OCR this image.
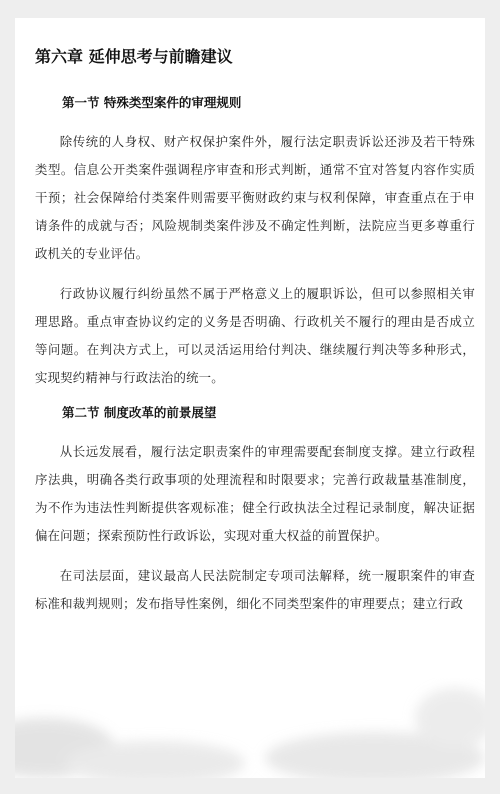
第六章 延伸思考与前瞻建议
第一节 特殊类型案件的审理规则

除传统的人身权、财产权保护案件外，履行法定职责诉讼还涉及若干特殊类型。信息公开类案件强调程序审查和形式判断，通常不宜对答复内容作实质干预；社会保障给付类案件则需要平衡财政约束与权利保障，审查重点在于申请条件的成就与否；风险规制类案件涉及不确定性判断，法院应当更多尊重行政机关的专业评估。

行政协议履行纠纷虽然不属于严格意义上的履职诉讼，但可以参照相关审理思路。重点审查协议约定的义务是否明确、行政机关不履行的理由是否成立等问题。在判决方式上，可以灵活运用给付判决、继续履行判决等多种形式，实现契约精神与行政法治的统一。

第二节 制度改革的前景展望

从长远发展看，履行法定职责案件的审理需要配套制度支撑。建立行政程序法典，明确各类行政事项的处理流程和时限要求；完善行政裁量基准制度，为不作为违法性判断提供客观标准；健全行政执法全过程记录制度，解决证据偏在问题；探索预防性行政诉讼，实现对重大权益的前置保护。

在司法层面，建议最高人民法院制定专项司法解释，统一履职案件的审查标准和裁判规则；发布指导性案例，细化不同类型案件的审理要点；建立行政
